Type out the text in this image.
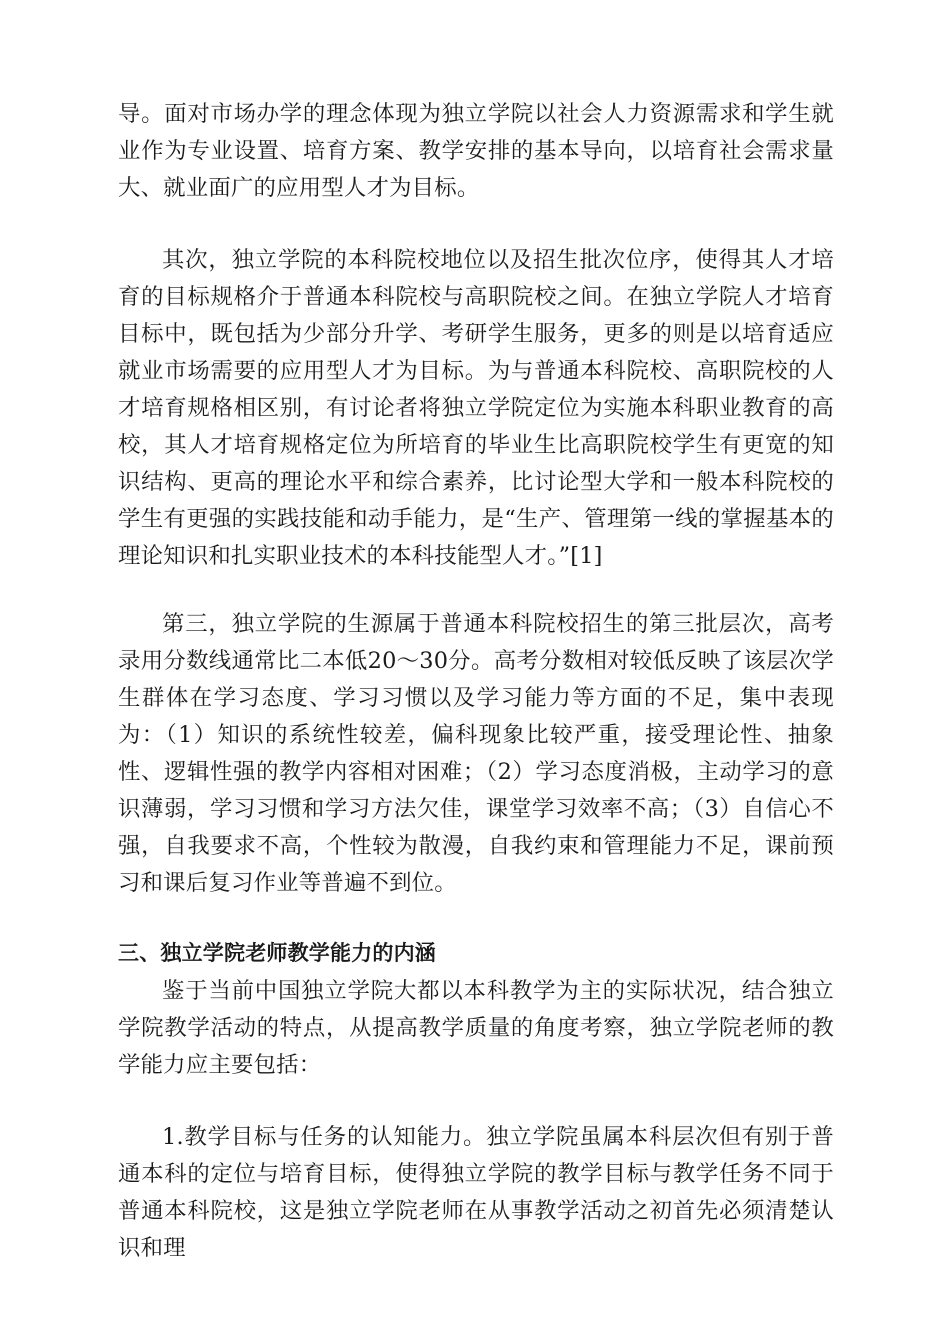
导。面对市场办学的理念体现为独立学院以社会人力资源需求和学生就业作为专业设置、培育方案、教学安排的基本导向，以培育社会需求量大、就业面广的应用型人才为目标。

其次，独立学院的本科院校地位以及招生批次位序，使得其人才培育的目标规格介于普通本科院校与高职院校之间。在独立学院人才培育目标中，既包括为少部分升学、考研学生服务，更多的则是以培育适应就业市场需要的应用型人才为目标。为与普通本科院校、高职院校的人才培育规格相区别，有讨论者将独立学院定位为实施本科职业教育的高校，其人才培育规格定位为所培育的毕业生比高职院校学生有更宽的知识结构、更高的理论水平和综合素养，比讨论型大学和一般本科院校的学生有更强的实践技能和动手能力，是“生产、管理第一线的掌握基本的理论知识和扎实职业技术的本科技能型人才。”[1]

第三，独立学院的生源属于普通本科院校招生的第三批层次，高考录用分数线通常比二本低20～30分。高考分数相对较低反映了该层次学生群体在学习态度、学习习惯以及学习能力等方面的不足，集中表现为：（1）知识的系统性较差，偏科现象比较严重，接受理论性、抽象性、逻辑性强的教学内容相对困难；（2）学习态度消极，主动学习的意识薄弱，学习习惯和学习方法欠佳，课堂学习效率不高；（3）自信心不强，自我要求不高，个性较为散漫，自我约束和管理能力不足，课前预习和课后复习作业等普遍不到位。

三、独立学院老师教学能力的内涵

鉴于当前中国独立学院大都以本科教学为主的实际状况，结合独立学院教学活动的特点，从提高教学质量的角度考察，独立学院老师的教学能力应主要包括：

1.教学目标与任务的认知能力。独立学院虽属本科层次但有别于普通本科的定位与培育目标，使得独立学院的教学目标与教学任务不同于普通本科院校，这是独立学院老师在从事教学活动之初首先必须清楚认识和理
